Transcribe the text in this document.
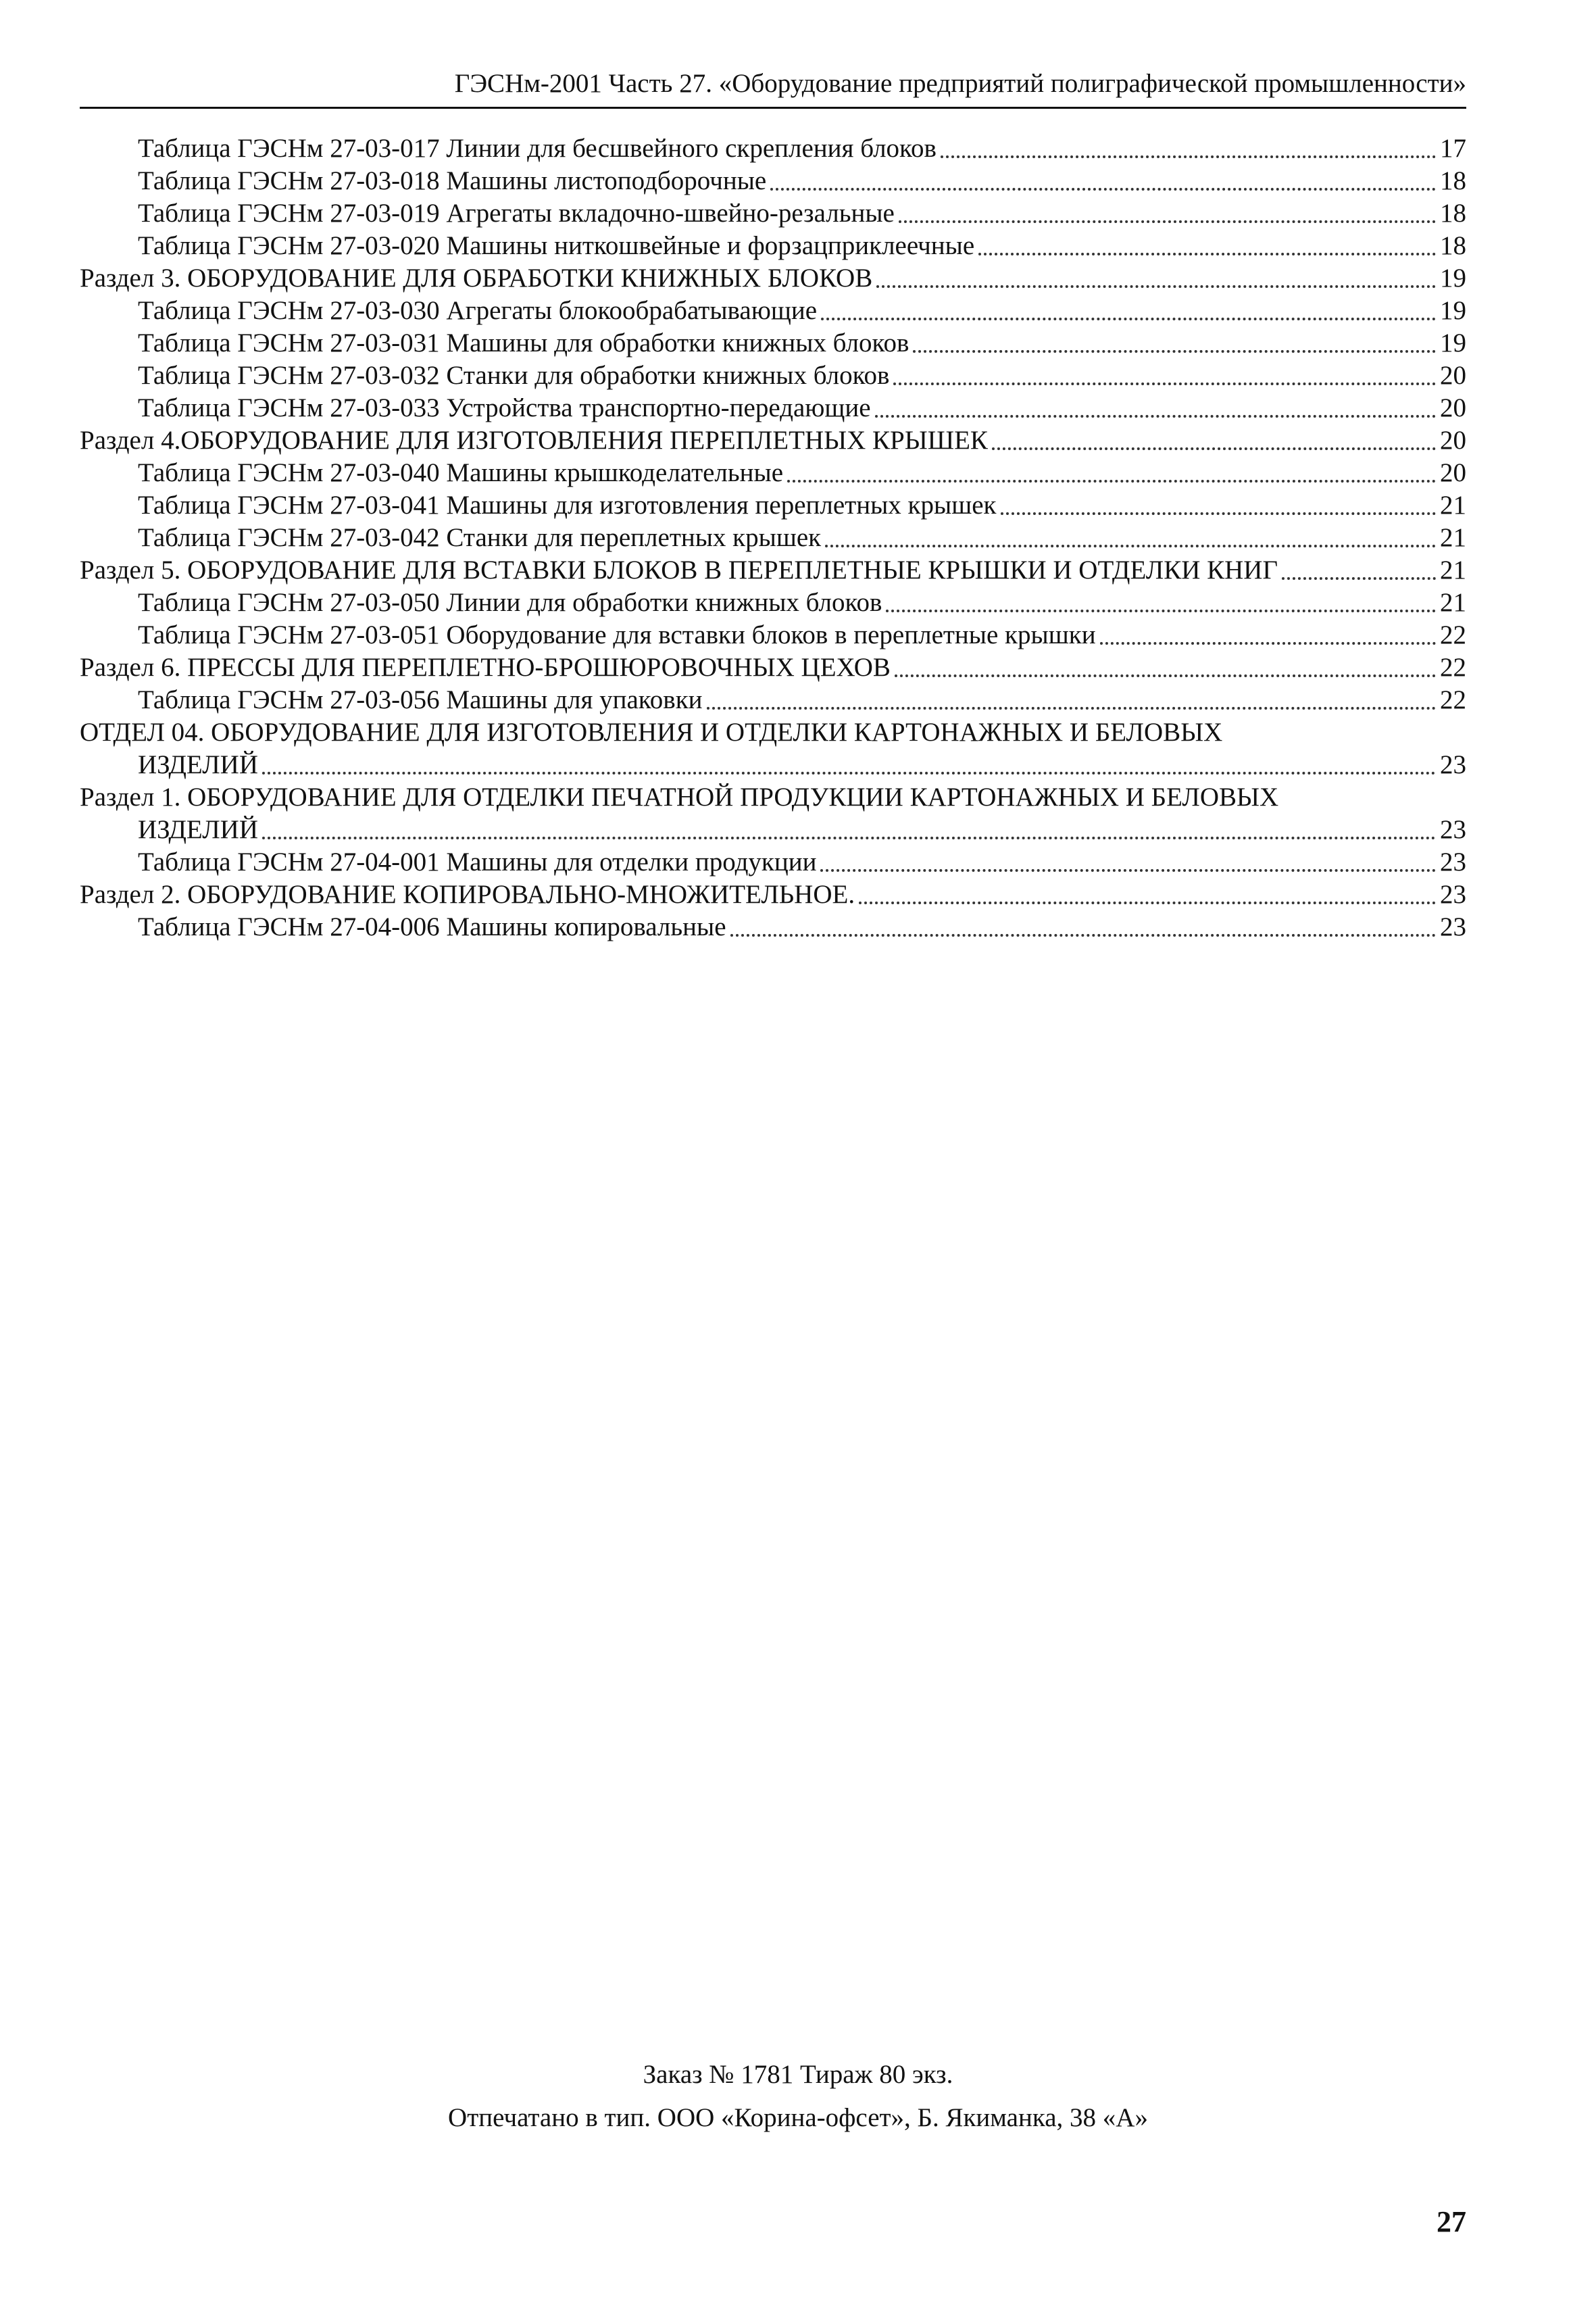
ГЭСНм-2001 Часть 27. «Оборудование предприятий полиграфической промышленности»
Таблица ГЭСНм 27-03-017 Линии для бесшвейного скрепления блоков	17
Таблица ГЭСНм 27-03-018 Машины листоподборочные	18
Таблица ГЭСНм 27-03-019 Агрегаты вкладочно-швейно-резальные	18
Таблица ГЭСНм 27-03-020 Машины ниткошвейные и форзацприклеечные	18
Раздел 3. ОБОРУДОВАНИЕ ДЛЯ ОБРАБОТКИ КНИЖНЫХ БЛОКОВ	19
Таблица ГЭСНм 27-03-030 Агрегаты блокообрабатывающие	19
Таблица ГЭСНм 27-03-031 Машины для обработки книжных блоков	19
Таблица ГЭСНм 27-03-032 Станки для обработки книжных блоков	20
Таблица ГЭСНм 27-03-033 Устройства транспортно-передающие	20
Раздел 4.ОБОРУДОВАНИЕ ДЛЯ ИЗГОТОВЛЕНИЯ ПЕРЕПЛЕТНЫХ КРЫШЕК	20
Таблица ГЭСНм 27-03-040 Машины крышкоделательные	20
Таблица ГЭСНм 27-03-041 Машины для изготовления переплетных крышек	21
Таблица ГЭСНм 27-03-042 Станки для переплетных крышек	21
Раздел 5. ОБОРУДОВАНИЕ ДЛЯ ВСТАВКИ БЛОКОВ В ПЕРЕПЛЕТНЫЕ КРЫШКИ И ОТДЕЛКИ КНИГ	21
Таблица ГЭСНм 27-03-050 Линии для обработки книжных блоков	21
Таблица ГЭСНм 27-03-051 Оборудование для вставки блоков в переплетные крышки	22
Раздел 6. ПРЕССЫ ДЛЯ ПЕРЕПЛЕТНО-БРОШЮРОВОЧНЫХ ЦЕХОВ	22
Таблица ГЭСНм 27-03-056 Машины для упаковки	22
ОТДЕЛ 04. ОБОРУДОВАНИЕ ДЛЯ ИЗГОТОВЛЕНИЯ И ОТДЕЛКИ КАРТОНАЖНЫХ И БЕЛОВЫХ
ИЗДЕЛИЙ	23
Раздел 1. ОБОРУДОВАНИЕ ДЛЯ ОТДЕЛКИ ПЕЧАТНОЙ ПРОДУКЦИИ КАРТОНАЖНЫХ И БЕЛОВЫХ
ИЗДЕЛИЙ	23
Таблица ГЭСНм 27-04-001 Машины для отделки продукции	23
Раздел 2. ОБОРУДОВАНИЕ КОПИРОВАЛЬНО-МНОЖИТЕЛЬНОЕ.	23
Таблица ГЭСНм 27-04-006 Машины копировальные	23
Заказ № 1781 Тираж 80 экз.
Отпечатано в тип. ООО «Корина-офсет», Б. Якиманка, 38 «А»
27
